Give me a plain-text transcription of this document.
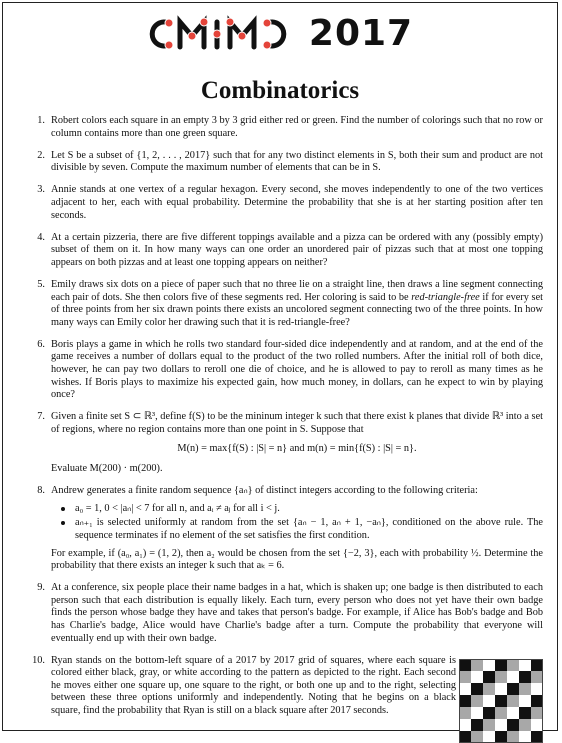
2017
Combinatorics
1. Robert colors each square in an empty 3 by 3 grid either red or green. Find the number of colorings such that no row or column contains more than one green square.
2. Let S be a subset of {1, 2, . . . , 2017} such that for any two distinct elements in S, both their sum and product are not divisible by seven. Compute the maximum number of elements that can be in S.
3. Annie stands at one vertex of a regular hexagon. Every second, she moves independently to one of the two vertices adjacent to her, each with equal probability. Determine the probability that she is at her starting position after ten seconds.
4. At a certain pizzeria, there are five different toppings available and a pizza can be ordered with any (possibly empty) subset of them on it. In how many ways can one order an unordered pair of pizzas such that at most one topping appears on both pizzas and at least one topping appears on neither?
5. Emily draws six dots on a piece of paper such that no three lie on a straight line, then draws a line segment connecting each pair of dots. She then colors five of these segments red. Her coloring is said to be red-triangle-free if for every set of three points from her six drawn points there exists an uncolored segment connecting two of the three points. In how many ways can Emily color her drawing such that it is red-triangle-free?
6. Boris plays a game in which he rolls two standard four-sided dice independently and at random, and at the end of the game receives a number of dollars equal to the product of the two rolled numbers. After the initial roll of both dice, however, he can pay two dollars to reroll one die of choice, and he is allowed to pay to reroll as many times as he wishes. If Boris plays to maximize his expected gain, how much money, in dollars, can he expect to win by playing once?
7. Given a finite set S ⊂ ℝ³, define f(S) to be the mininum integer k such that there exist k planes that divide ℝ³ into a set of regions, where no region contains more than one point in S. Suppose that
M(n) = max{f(S) : |S| = n} and m(n) = min{f(S) : |S| = n}.
Evaluate M(200) · m(200).
8. Andrew generates a finite random sequence {aₙ} of distinct integers according to the following criteria:
a₀ = 1, 0 < |aₙ| < 7 for all n, and aᵢ ≠ aⱼ for all i < j.
aₙ₊₁ is selected uniformly at random from the set {aₙ − 1, aₙ + 1, −aₙ}, conditioned on the above rule. The sequence terminates if no element of the set satisfies the first condition.
For example, if (a₀, a₁) = (1, 2), then a₂ would be chosen from the set {−2, 3}, each with probability ½. Determine the probability that there exists an integer k such that aₖ = 6.
9. At a conference, six people place their name badges in a hat, which is shaken up; one badge is then distributed to each person such that each distribution is equally likely. Each turn, every person who does not yet have their own badge finds the person whose badge they have and takes that person's badge. For example, if Alice has Bob's badge and Bob has Charlie's badge, Alice would have Charlie's badge after a turn. Compute the probability that everyone will eventually end up with their own badge.
10. Ryan stands on the bottom-left square of a 2017 by 2017 grid of squares, where each square is colored either black, gray, or white according to the pattern as depicted to the right. Each second he moves either one square up, one square to the right, or both one up and to the right, selecting between these three options uniformly and independently. Noting that he begins on a black square, find the probability that Ryan is still on a black square after 2017 seconds.
